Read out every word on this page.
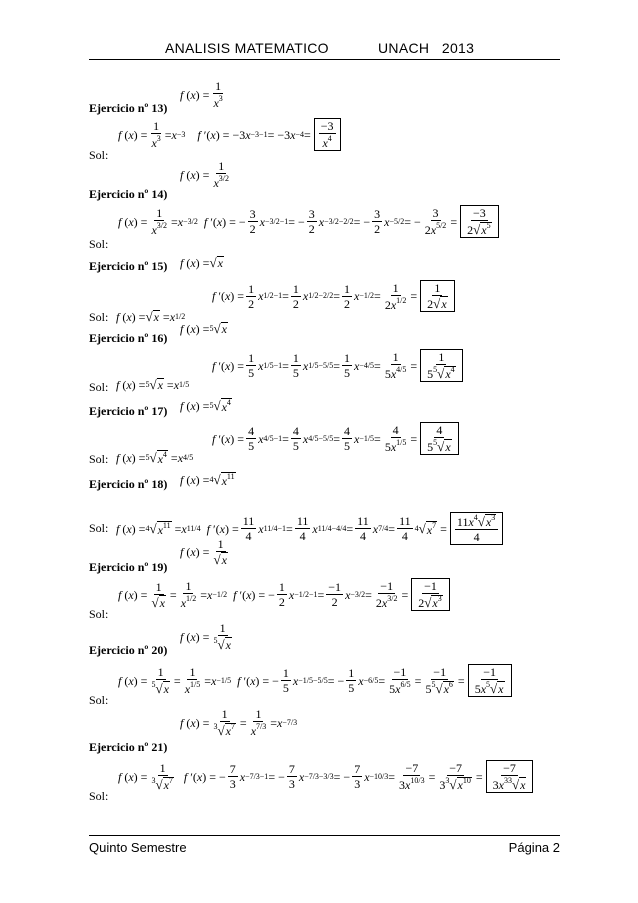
ANALISIS MATEMATICO	UNACH 2013
f ( x ) =
1
$x^3$
Ejercicio nº 13)
f ( x ) =
1
$x^3 = x -3$ f ′( x ) = −3 x −3−1 = −3 x −4 =
−3
$x^4$
Sol:
f ( x ) =
1
$x^{3/2}$
Ejercicio nº 14)
f ( x ) =
1
$x^{3/2} = x -3/2$ f ′( x ) = −
3
2
x −3/2−1 = −
3
2
x −3/2−2/2 = −
3
2
x −5/2 = −
3
$2x^{5/2}$ =
−3
$2√x^5$
Sol:
f ( x ) = √ x
Ejercicio nº 15)
f ′( x ) =
1
2
x 1/2−1 =
1
2
x 1/2−2/2 =
1
2
x −1/2 =
1
$2x^{1/2}$ =
1
2√x
f ( x ) = √ x = x 1/2
Sol:
f ( x ) = 5 √ x
Ejercicio nº 16)
f ′( x ) =
1
5
x 1/5−1 =
1
5
x 1/5−5/5 =
1
5
x −4/5 =
1
$5x^{4/5}$ =
1
$5^5√x^4$
f ( x ) = 5 √ x = x 1/5
Sol:
f ( x ) = 5 √ $x^4$
Ejercicio nº 17)
f ′( x ) =
4
5
x 4/5−1 =
4
5
x 4/5−5/5 =
4
5
x −1/5 =
4
$5x^{1/5}$ =
4
$5^5√x$
f ( x ) = 5 √ $x^4 = x$ 4/5
Sol:
f ( x ) = 4 √ $x^{11}$
Ejercicio nº 18)
f ( x ) = 4 √ $x^{11} = x$ 11/4 f ′( x ) =
11
4
x 11/4−1 =
11
4
x 11/4−4/4 =
11
4
x 7/4 =
11
4
4 √ $x^7 = 11x^4√x^3$
4
Sol:
f ( x ) =
1
√x
Ejercicio nº 19)
f ( x ) =
1
√x
=
1
$x^{1/2} = x -1/2$ f ′( x ) = −
1
2
x −1/2−1 =
−1
2
x −3/2 =
−1
$2x^{3/2}$ =
−1
$2√x^3$
Sol:
f ( x ) =
1
$^5$√x
Ejercicio nº 20)
f ( x ) =
1
$^5$√x
=
1
$x^{1/5} = x -1/5$ f ′( x ) = −
1
5
x −1/5−5/5 = −
1
5
x −6/5 =
−1
$5x^{6/5}$ =
−1
$5^5√x^6$ =
−1
$5x^5√x$
Sol:
f ( x ) =
1
$^3√x^7$ =
1
$x^{7/3} = x -7/3$
Ejercicio nº 21)
f ( x ) =
1
$^3√x^7$ f ′( x ) = −
7
3
x −7/3−1 = −
7
3
x −7/3−3/3 = −
7
3
x −10/3 =
−7
$3x^{10/3}$ =
−7
$3^3√x^{10}$ =
−7
$3x^{33}√x$
Sol:
Quinto Semestre	Página 2
